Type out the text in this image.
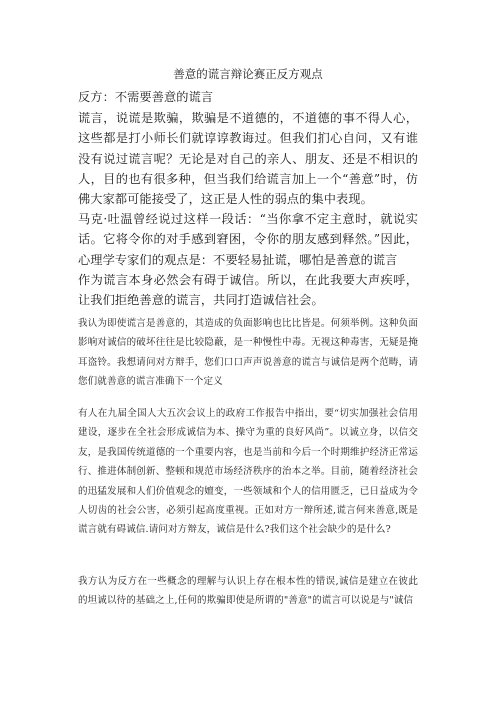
善意的谎言辩论赛正反方观点

反方：不需要善意的谎言

谎言，说谎是欺骗，欺骗是不道德的，不道德的事不得人心，这些都是打小师长们就谆谆教诲过。但我们扪心自问，又有谁没有说过谎言呢？无论是对自己的亲人、朋友、还是不相识的人，目的也有很多种，但当我们给谎言加上一个“善意”时，仿佛大家都可能接受了，这正是人性的弱点的集中表现。

马克·吐温曾经说过这样一段话：“当你拿不定主意时，就说实话。它将令你的对手感到窘困，令你的朋友感到释然。”因此，心理学专家们的观点是：不要轻易扯谎，哪怕是善意的谎言

作为谎言本身必然会有碍于诚信。所以，在此我要大声疾呼，让我们拒绝善意的谎言，共同打造诚信社会。

我认为即使谎言是善意的，其造成的负面影响也比比皆是。何须举例。这种负面影响对诚信的破坏往往是比较隐蔽，是一种慢性中毒。无视这种毒害，无疑是掩耳盗铃。我想请问对方辩手，您们口口声声说善意的谎言与诚信是两个范畴，请您们就善意的谎言准确下一个定义

有人在九届全国人大五次会议上的政府工作报告中指出，要“切实加强社会信用建设，逐步在全社会形成诚信为本、操守为重的良好风尚”。以诚立身，以信交友，是我国传统道德的一个重要内容，也是当前和今后一个时期维护经济正常运行、推进体制创新、整顿和规范市场经济秩序的治本之举。目前，随着经济社会的迅猛发展和人们价值观念的嬗变，一些领域和个人的信用匮乏，已日益成为令人切齿的社会公害，必须引起高度重视。正如对方一辩所述,谎言何来善意,既是谎言就有碍诚信.请问对方辩友，诚信是什么?我们这个社会缺少的是什么?

我方认为反方在一些概念的理解与认识上存在根本性的错误,诚信是建立在彼此的坦诚以待的基础之上,任何的欺骗即使是所谓的"善意"的谎言可以说是与"诚信
